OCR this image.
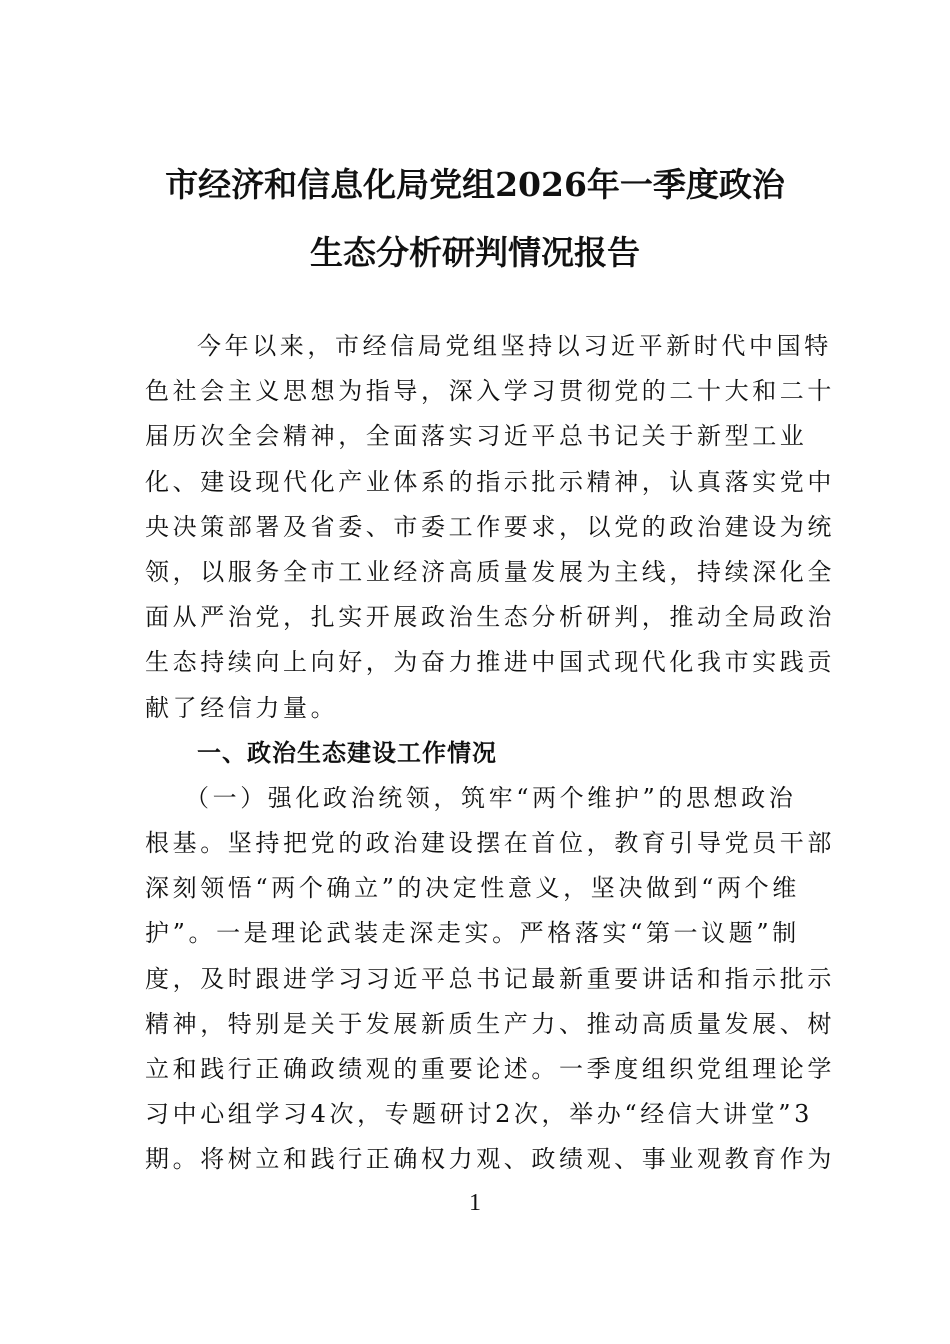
市经济和信息化局党组2026年一季度政治
生态分析研判情况报告
今年以来，市经信局党组坚持以习近平新时代中国特
色社会主义思想为指导，深入学习贯彻党的二十大和二十
届历次全会精神，全面落实习近平总书记关于新型工业
化、建设现代化产业体系的指示批示精神，认真落实党中
央决策部署及省委、市委工作要求，以党的政治建设为统
领，以服务全市工业经济高质量发展为主线，持续深化全
面从严治党，扎实开展政治生态分析研判，推动全局政治
生态持续向上向好，为奋力推进中国式现代化我市实践贡
献了经信力量。
一、政治生态建设工作情况
（一）强化政治统领，筑牢“两个维护”的思想政治
根基。坚持把党的政治建设摆在首位，教育引导党员干部
深刻领悟“两个确立”的决定性意义，坚决做到“两个维
护”。一是理论武装走深走实。严格落实“第一议题”制
度，及时跟进学习习近平总书记最新重要讲话和指示批示
精神，特别是关于发展新质生产力、推动高质量发展、树
立和践行正确政绩观的重要论述。一季度组织党组理论学
习中心组学习4次，专题研讨2次，举办“经信大讲堂”3
期。将树立和践行正确权力观、政绩观、事业观教育作为
1
